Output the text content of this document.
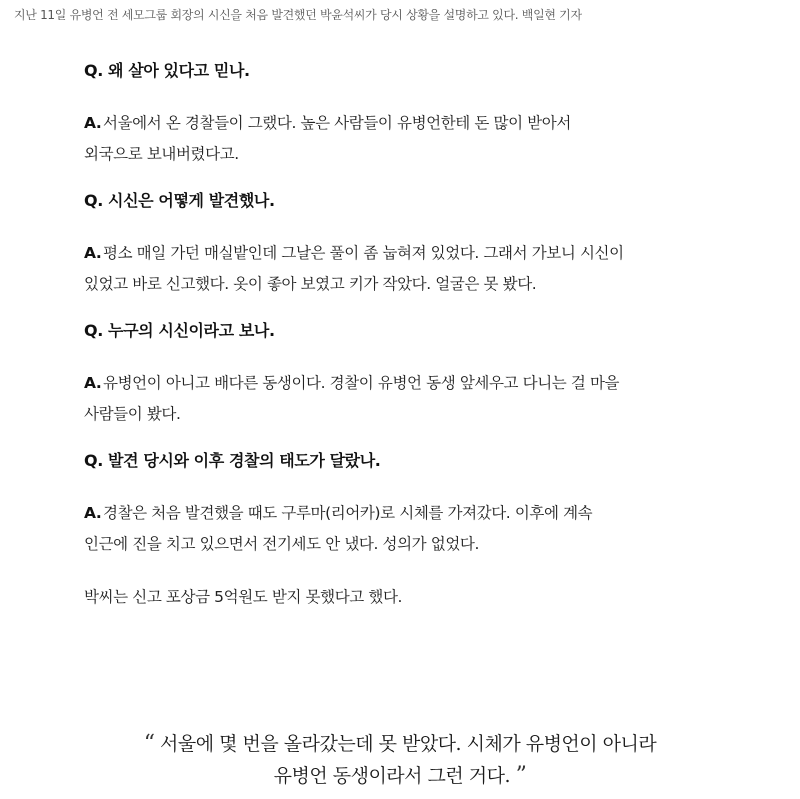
지난 11일 유병언 전 세모그룹 회장의 시신을 처음 발견했던 박윤석씨가 당시 상황을 설명하고 있다. 백일현 기자
Q. 왜 살아 있다고 믿나.
A. 서울에서 온 경찰들이 그랬다. 높은 사람들이 유병언한테 돈 많이 받아서
외국으로 보내버렸다고.
Q. 시신은 어떻게 발견했나.
A. 평소 매일 가던 매실밭인데 그날은 풀이 좀 눕혀져 있었다. 그래서 가보니 시신이
있었고 바로 신고했다. 옷이 좋아 보였고 키가 작았다. 얼굴은 못 봤다.
Q. 누구의 시신이라고 보나.
A. 유병언이 아니고 배다른 동생이다. 경찰이 유병언 동생 앞세우고 다니는 걸 마을
사람들이 봤다.
Q. 발견 당시와 이후 경찰의 태도가 달랐나.
A. 경찰은 처음 발견했을 때도 구루마(리어카)로 시체를 가져갔다. 이후에 계속
인근에 진을 치고 있으면서 전기세도 안 냈다. 성의가 없었다.
박씨는 신고 포상금 5억원도 받지 못했다고 했다.
“ 서울에 몇 번을 올라갔는데 못 받았다. 시체가 유병언이 아니라
유병언 동생이라서 그런 거다. ”
